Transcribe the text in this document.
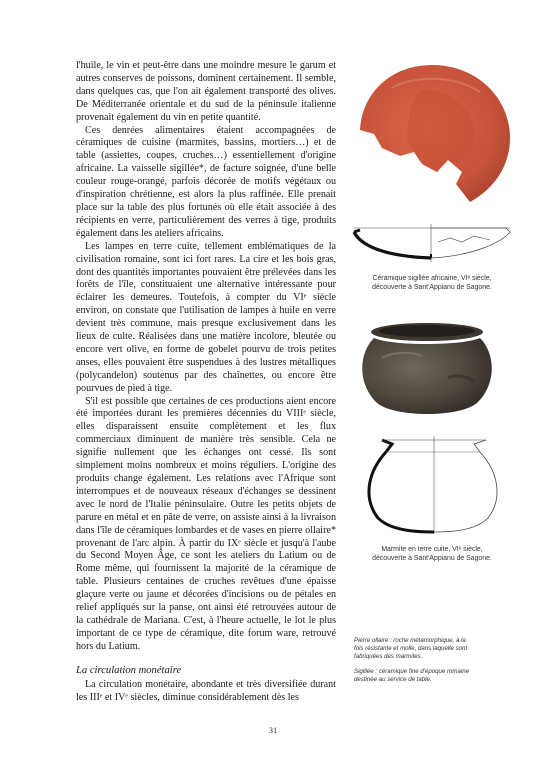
l'huile, le vin et peut-être dans une moindre mesure le garum et autres conserves de poissons, dominent certainement. Il semble, dans quelques cas, que l'on ait également transporté des olives. De Méditerranée orientale et du sud de la péninsule italienne provenait également du vin en petite quantité.

Ces denrées alimentaires étaient accompagnées de céramiques de cuisine (marmites, bassins, mortiers…) et de table (assiettes, coupes, cruches…) essentiellement d'origine africaine. La vaisselle sigillée*, de facture soignée, d'une belle couleur rouge-orangé, parfois décorée de motifs végétaux ou d'inspiration chrétienne, est alors la plus raffinée. Elle prenait place sur la table des plus fortunés où elle était associée à des récipients en verre, particulièrement des verres à tige, produits également dans les ateliers africains.

Les lampes en terre cuite, tellement emblématiques de la civilisation romaine, sont ici fort rares. La cire et les bois gras, dont des quantités importantes pouvaient être prélevées dans les forêts de l'île, constituaient une alternative intéressante pour éclairer les demeures. Toutefois, à compter du VIᵉ siècle environ, on constate que l'utilisation de lampes à huile en verre devient très commune, mais presque exclusivement dans les lieux de culte. Réalisées dans une matière incolore, bleutée ou encore vert olive, en forme de gobelet pourvu de trois petites anses, elles pouvaient être suspendues à des lustres métalliques (polycandelon) soutenus par des chaînettes, ou encore être pourvues de pied à tige.

S'il est possible que certaines de ces productions aient encore été importées durant les premières décennies du VIIIᵉ siècle, elles disparaissent ensuite complètement et les flux commerciaux diminuent de manière très sensible. Cela ne signifie nullement que les échanges ont cessé. Ils sont simplement moins nombreux et moins réguliers. L'origine des produits change également. Les relations avec l'Afrique sont interrompues et de nouveaux réseaux d'échanges se dessinent avec le nord de l'Italie péninsulaire. Outre les petits objets de parure en métal et en pâte de verre, on assiste ainsi à la livraison dans l'île de céramiques lombardes et de vases en pierre ollaire* provenant de l'arc alpin. À partir du IXᵉ siècle et jusqu'à l'aube du Second Moyen Âge, ce sont les ateliers du Latium ou de Rome même, qui fournissent la majorité de la céramique de table. Plusieurs centaines de cruches revêtues d'une épaisse glaçure verte ou jaune et décorées d'incisions ou de pétales en relief appliqués sur la panse, ont ainsi été retrouvées autour de la cathédrale de Mariana. C'est, à l'heure actuelle, le lot le plus important de ce type de céramique, dite forum ware, retrouvé hors du Latium.

La circulation monétaire

La circulation monétaire, abondante et très diversifiée durant les IIIᵉ et IVᵉ siècles, diminue considérablement dès les

Céramique sigillée africaine, VIᵉ siècle,
découverte à Sant'Appianu de Sagone.
Marmite en terre cuite, VIᵉ siècle,
découverte à Sant'Appianu de Sagone.

Pierre ollaire : roche métamorphique, à la fois résistante et molle, dans laquelle sont fabriquées des marmites.

Sigillée : céramique fine d'époque romaine destinée au service de table.

31
